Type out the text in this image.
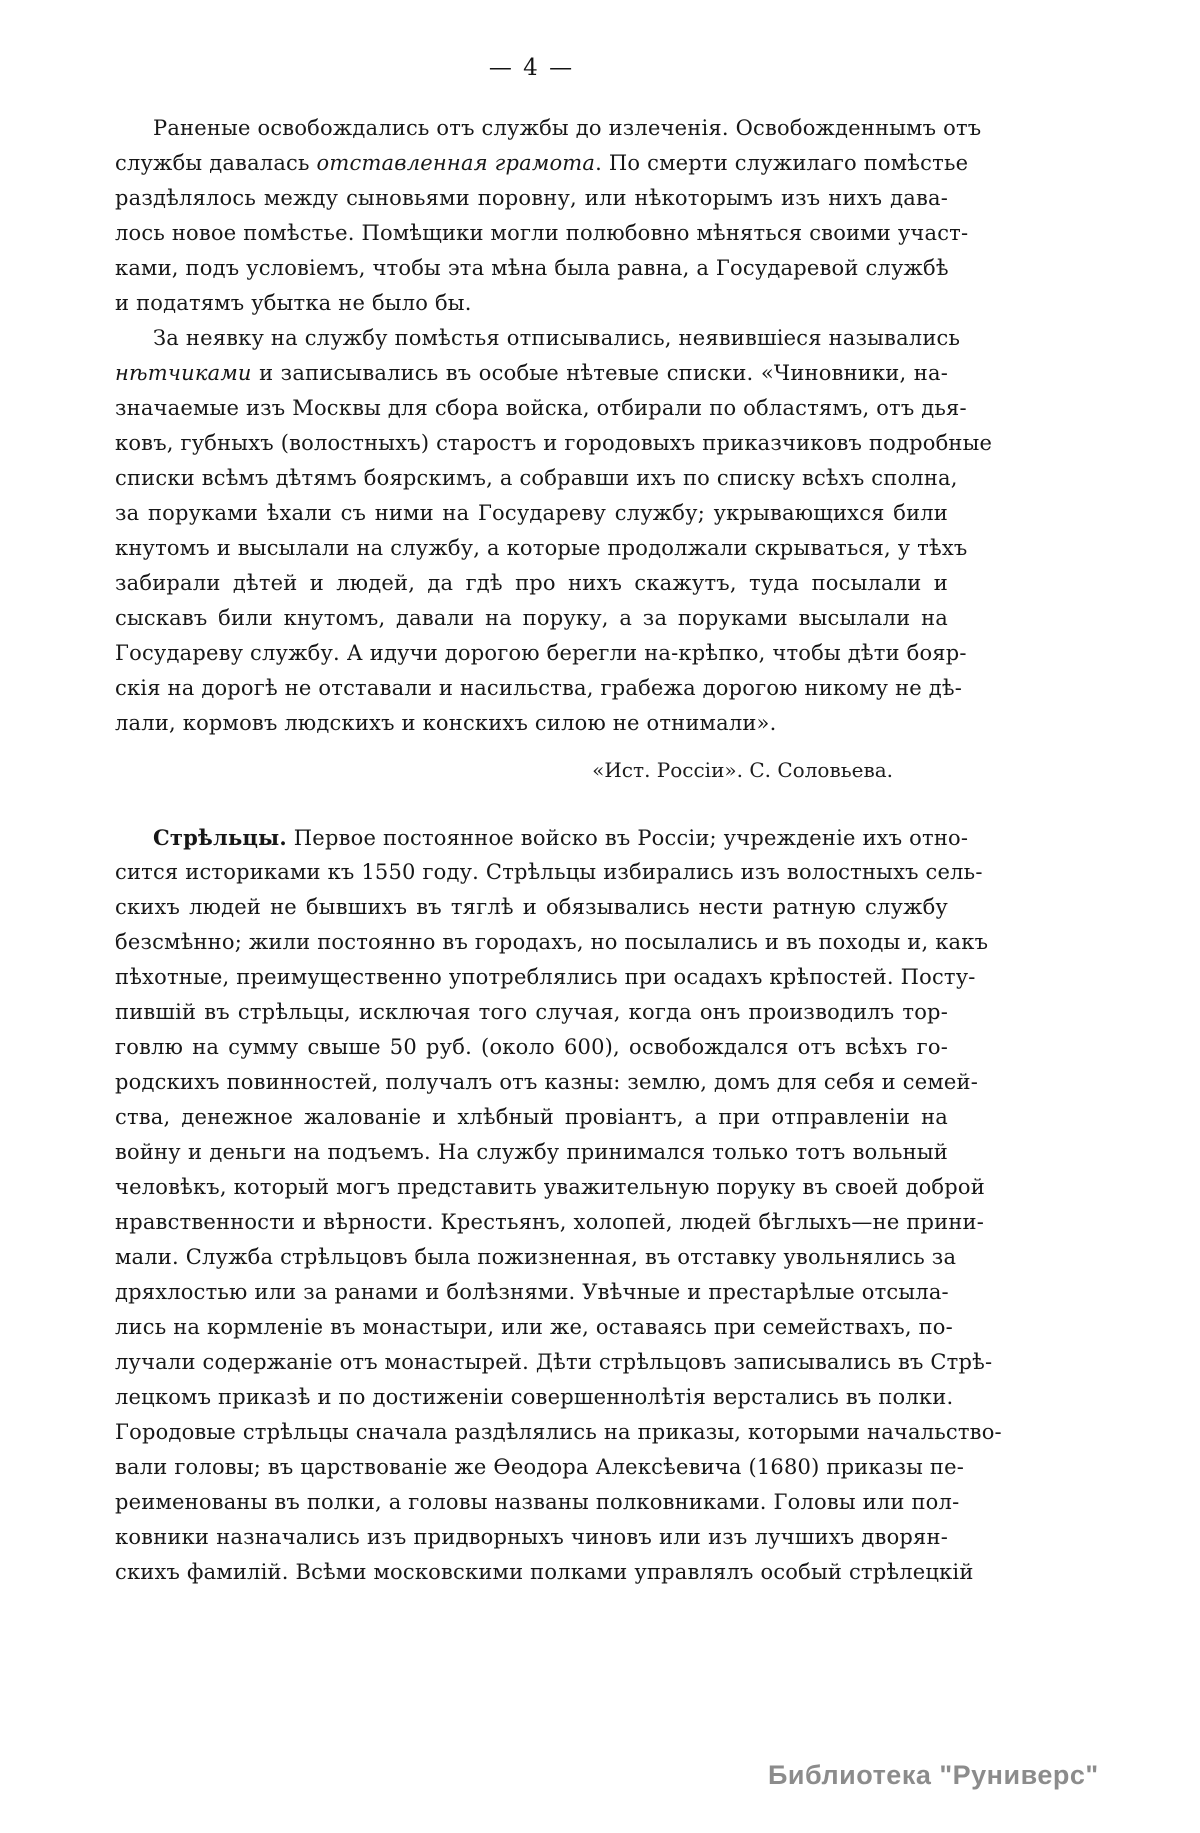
— 4 —
Раненые освобождались отъ службы до излеченія. Освобожденнымъ отъ
службы давалась отставленная грамота. По смерти служилаго помѣстье
раздѣлялось между сыновьями поровну, или нѣкоторымъ изъ нихъ дава-
лось новое помѣстье. Помѣщики могли полюбовно мѣняться своими участ-
ками, подъ условіемъ, чтобы эта мѣна была равна, а Государевой службѣ
и податямъ убытка не было бы.
За неявку на службу помѣстья отписывались, неявившіеся назывались
нѣтчиками и записывались въ особые нѣтевые списки. «Чиновники, на-
значаемые изъ Москвы для сбора войска, отбирали по областямъ, отъ дья-
ковъ, губныхъ (волостныхъ) старостъ и городовыхъ приказчиковъ подробные
списки всѣмъ дѣтямъ боярскимъ, а собравши ихъ по списку всѣхъ сполна,
за поруками ѣхали съ ними на Государеву службу; укрывающихся били
кнутомъ и высылали на службу, а которые продолжали скрываться, у тѣхъ
забирали дѣтей и людей, да гдѣ про нихъ скажутъ, туда посылали и
сыскавъ били кнутомъ, давали на поруку, а за поруками высылали на
Государеву службу. А идучи дорогою берегли на-крѣпко, чтобы дѣти бояр-
скія на дорогѣ не отставали и насильства, грабежа дорогою никому не дѣ-
лали, кормовъ людскихъ и конскихъ силою не отнимали».
«Ист. Россіи». С. Соловьева.
Стрѣльцы. Первое постоянное войско въ Россіи; учрежденіе ихъ отно-
сится историками къ 1550 году. Стрѣльцы избирались изъ волостныхъ сель-
скихъ людей не бывшихъ въ тяглѣ и обязывались нести ратную службу
безсмѣнно; жили постоянно въ городахъ, но посылались и въ походы и, какъ
пѣхотные, преимущественно употреблялись при осадахъ крѣпостей. Посту-
пившій въ стрѣльцы, исключая того случая, когда онъ производилъ тор-
говлю на сумму свыше 50 руб. (около 600), освобождался отъ всѣхъ го-
родскихъ повинностей, получалъ отъ казны: землю, домъ для себя и семей-
ства, денежное жалованіе и хлѣбный провіантъ, а при отправленіи на
войну и деньги на подъемъ. На службу принимался только тотъ вольный
человѣкъ, который могъ представить уважительную поруку въ своей доброй
нравственности и вѣрности. Крестьянъ, холопей, людей бѣглыхъ—не прини-
мали. Служба стрѣльцовъ была пожизненная, въ отставку увольнялись за
дряхлостью или за ранами и болѣзнями. Увѣчные и престарѣлые отсыла-
лись на кормленіе въ монастыри, или же, оставаясь при семействахъ, по-
лучали содержаніе отъ монастырей. Дѣти стрѣльцовъ записывались въ Стрѣ-
лецкомъ приказѣ и по достиженіи совершеннолѣтія верстались въ полки.
Городовые стрѣльцы сначала раздѣлялись на приказы, которыми начальство-
вали головы; въ царствованіе же Ѳеодора Алексѣевича (1680) приказы пе-
реименованы въ полки, а головы названы полковниками. Головы или пол-
ковники назначались изъ придворныхъ чиновъ или изъ лучшихъ дворян-
скихъ фамилій. Всѣми московскими полками управлялъ особый стрѣлецкій
Библиотека "Руниверс"
